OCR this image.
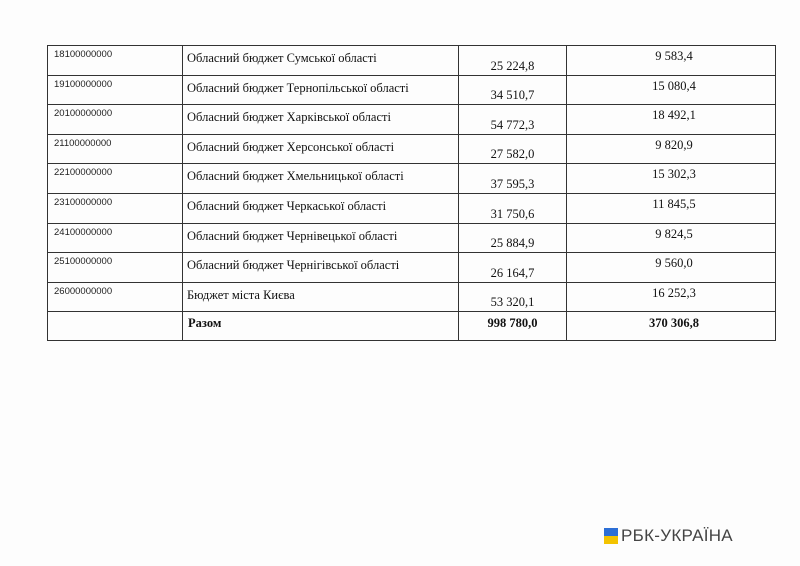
18100000000	Обласний бюджет Сумської області	25 224,8	9 583,4
19100000000	Обласний бюджет Тернопільської області	34 510,7	15 080,4
20100000000	Обласний бюджет Харківської області	54 772,3	18 492,1
21100000000	Обласний бюджет Херсонської області	27 582,0	9 820,9
22100000000	Обласний бюджет Хмельницької області	37 595,3	15 302,3
23100000000	Обласний бюджет Черкаської області	31 750,6	11 845,5
24100000000	Обласний бюджет Чернівецької області	25 884,9	9 824,5
25100000000	Обласний бюджет Чернігівської області	26 164,7	9 560,0
26000000000	Бюджет міста Києва	53 320,1	16 252,3
	Разом	998 780,0	370 306,8
РБК-УКРАЇНА
